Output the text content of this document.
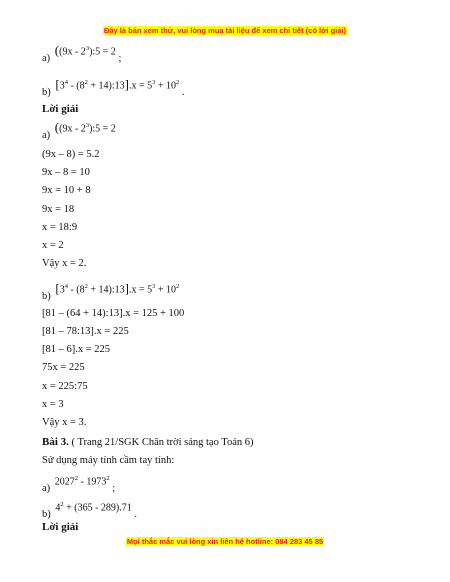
Đây là bản xem thử, vui lòng mua tài liệu để xem chi tiết (có lời giải)
a) ($(9x - 2^3):5 = 2$ ;
b) [$3^4 - (8^2$ + 14):13].x = $5^3 + 10^2$ .
Lời giải
a) ($(9x - 2^3):5 = 2$
(9x – 8) = 5.2
9x – 8 = 10
9x = 10 + 8
9x = 18
x = 18:9
x = 2
Vậy x = 2.
b) [$3^4 - (8^2$ + 14):13].x = $5^3 + 10^2$
[81 – (64 + 14):13].x = 125 + 100
[81 – 78:13].x = 225
[81 – 6].x = 225
75x = 225
x = 225:75
x = 3
Vậy x = 3.
Bài 3. ( Trang 21/SGK Chân trời sáng tạo Toán 6)
Sử dụng máy tính cầm tay tính:
a) 2027$^2$ - 1973$^2$ ;
b) $4^2 + (365 - 289).71$ .
Lời giải
Mọi thắc mắc vui lòng xin liên hệ hotline: 084 283 45 85
